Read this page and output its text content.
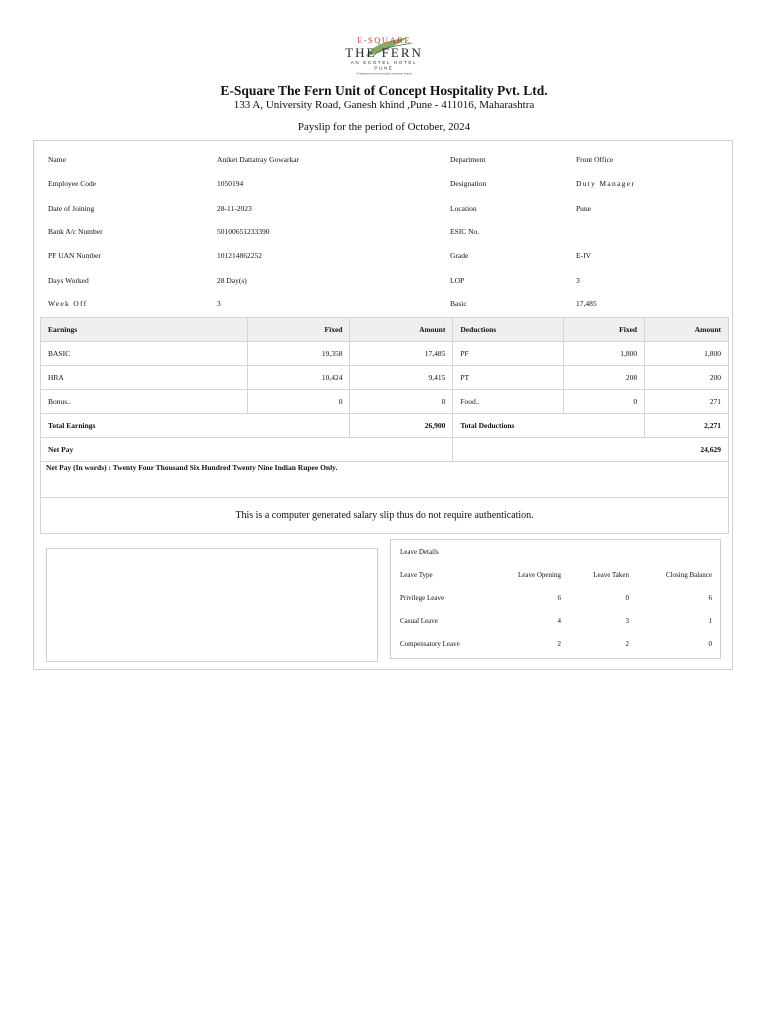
E-SQUARE
THE FERN
AN ECOTEL HOTEL
PUNE
A leading environmentally sensitive brand
E-Square The Fern Unit of Concept Hospitality Pvt. Ltd.
133 A, University Road, Ganesh khind ,Pune - 411016, Maharashtra
Payslip for the period of October, 2024
Name	Aniket Dattatray Gowarkar	Department	Front Office
Employee Code	1050194	Designation	Duty Manager
Date of Joining	28-11-2023	Location	Pune
Bank A/c Number	50100651233390	ESIC No.
PF UAN Number	101214862252	Grade	E-IV
Days Worked	28 Day(s)	LOP	3
Week Off	3	Basic	17,485
Earnings	Fixed	Amount	Deductions	Fixed	Amount
BASIC	19,358	17,485	PF	1,800	1,800
HRA	10,424	9,415	PT	208	200
Bonus..	0	0	Food..	0	271
Total Earnings		26,900	Total Deductions		2,271
Net Pay			24,629		
Net Pay (In words) : Twenty Four Thousand Six Hundred Twenty Nine Indian Rupee Only.
This is a computer generated salary slip thus do not require authentication.
Leave Details
Leave Type	Leave Opening	Leave Taken	Closing Balance
Privilege Leave	6	0	6
Casual Leave	4	3	1
Compensatory Leave	2	2	0
